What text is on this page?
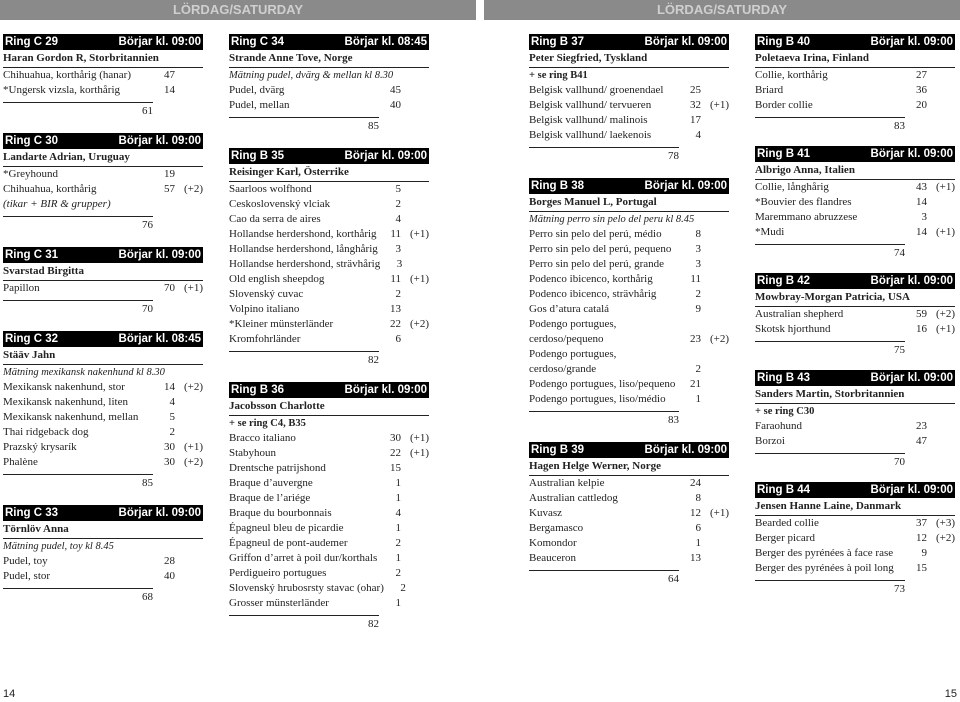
LÖRDAG/SATURDAY	LÖRDAG/SATURDAY
Ring C 29	Börjar kl. 09:00
Haran Gordon R, Storbritannien
Chihuahua, korthårig (hanar)	47
*Ungersk vizsla, korthårig	14
61
Ring C 30	Börjar kl. 09:00
Landarte Adrian, Uruguay
*Greyhound	19
Chihuahua, korthårig	57 (+2)
(tikar + BIR & grupper)
76
Ring C 31	Börjar kl. 09:00
Svarstad Birgitta
Papillon	70 (+1)
70
Ring C 32	Börjar kl. 08:45
Stääv Jahn
Mätning mexikansk nakenhund kl 8.30
Mexikansk nakenhund, stor	14 (+2)
Mexikansk nakenhund, liten	4
Mexikansk nakenhund, mellan	5
Thai ridgeback dog	2
Prazský krysarík	30 (+1)
Phalène	30 (+2)
85
Ring C 33	Börjar kl. 09:00
Törnlöv Anna
Mätning pudel, toy kl 8.45
Pudel, toy	28
Pudel, stor	40
68
Ring C 34	Börjar kl. 08:45
Strande Anne Tove, Norge
Mätning pudel, dvärg & mellan kl 8.30
Pudel, dvärg	45
Pudel, mellan	40
85
Ring B 35	Börjar kl. 09:00
Reisinger Karl, Österrike
Saarloos wolfhond	5
Ceskoslovenský vlciak	2
Cao da serra de aires	4
Hollandse herdershond, korthårig	11 (+1)
Hollandse herdershond, långhårig	3
Hollandse herdershond, strävhårig	3
Old english sheepdog	11 (+1)
Slovenský cuvac	2
Volpino italiano	13
*Kleiner münsterländer	22 (+2)
Kromfohrländer	6
82
Ring B 36	Börjar kl. 09:00
Jacobsson Charlotte
+ se ring C4, B35
Bracco italiano	30 (+1)
Stabyhoun	22 (+1)
Drentsche patrijshond	15
Braque d’auvergne	1
Braque de l’ariége	1
Braque du bourbonnais	4
Épagneul bleu de picardie	1
Épagneul de pont-audemer	2
Griffon d’arret à poil dur/korthals	1
Perdigueiro portugues	2
Slovenský hrubosrsty stavac (ohar)	2
Grosser münsterländer	1
82
Ring B 37	Börjar kl. 09:00
Peter Siegfried, Tyskland
+ se ring B41
Belgisk vallhund/ groenendael	25
Belgisk vallhund/ tervueren	32 (+1)
Belgisk vallhund/ malinois	17
Belgisk vallhund/ laekenois	4
78
Ring B 38	Börjar kl. 09:00
Borges Manuel L, Portugal
Mätning perro sin pelo del peru kl 8.45
Perro sin pelo del perú, médio	8
Perro sin pelo del perú, pequeno	3
Perro sin pelo del perú, grande	3
Podenco ibicenco, korthårig	11
Podenco ibicenco, strävhårig	2
Gos d’atura catalá	9
Podengo portugues, cerdoso/pequeno	23 (+2)
Podengo portugues, cerdoso/grande	2
Podengo portugues, liso/pequeno	21
Podengo portugues, liso/médio	1
83
Ring B 39	Börjar kl. 09:00
Hagen Helge Werner, Norge
Australian kelpie	24
Australian cattledog	8
Kuvasz	12 (+1)
Bergamasco	6
Komondor	1
Beauceron	13
64
Ring B 40	Börjar kl. 09:00
Poletaeva Irina, Finland
Collie, korthårig	27
Briard	36
Border collie	20
83
Ring B 41	Börjar kl. 09:00
Albrigo Anna, Italien
Collie, långhårig	43 (+1)
*Bouvier des flandres	14
Maremmano abruzzese	3
*Mudi	14 (+1)
74
Ring B 42	Börjar kl. 09:00
Mowbray-Morgan Patricia, USA
Australian shepherd	59 (+2)
Skotsk hjorthund	16 (+1)
75
Ring B 43	Börjar kl. 09:00
Sanders Martin, Storbritannien
+ se ring C30
Faraohund	23
Borzoi	47
70
Ring B 44	Börjar kl. 09:00
Jensen Hanne Laine, Danmark
Bearded collie	37 (+3)
Berger picard	12 (+2)
Berger des pyrénées à face rase	9
Berger des pyrénées à poil long	15
73
14	15
